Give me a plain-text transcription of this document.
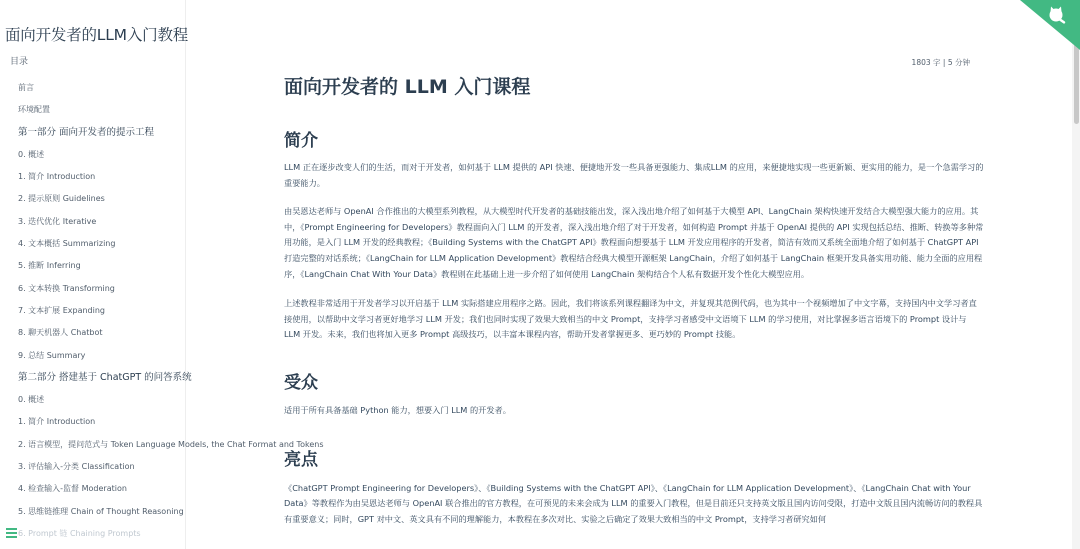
面向开发者的LLM入门教程
目录
前言
环境配置
第一部分 面向开发者的提示工程
0. 概述
1. 简介 Introduction
2. 提示原则 Guidelines
3. 迭代优化 Iterative
4. 文本概括 Summarizing
5. 推断 Inferring
6. 文本转换 Transforming
7. 文本扩展 Expanding
8. 聊天机器人 Chatbot
9. 总结 Summary
第二部分 搭建基于 ChatGPT 的问答系统
0. 概述
1. 简介 Introduction
2. 语言模型，提问范式与 Token Language Models, the Chat Format and Tokens
3. 评估输入-分类 Classification
4. 检查输入-监督 Moderation
5. 思维链推理 Chain of Thought Reasoning
6. Prompt 链 Chaining Prompts
1803 字 | 5 分钟
面向开发者的 LLM 入门课程
简介

LLM 正在逐步改变人们的生活，而对于开发者，如何基于 LLM 提供的 API 快速、便捷地开发一些具备更强能力、集成LLM 的应用，来便捷地实现一些更新颖、更实用的能力，是一个急需学习的重要能力。

由吴恩达老师与 OpenAI 合作推出的大模型系列教程，从大模型时代开发者的基础技能出发，深入浅出地介绍了如何基于大模型 API、LangChain 架构快速开发结合大模型强大能力的应用。其中，《Prompt Engineering for Developers》教程面向入门 LLM 的开发者，深入浅出地介绍了对于开发者，如何构造 Prompt 并基于 OpenAI 提供的 API 实现包括总结、推断、转换等多种常用功能，是入门 LLM 开发的经典教程；《Building Systems with the ChatGPT API》教程面向想要基于 LLM 开发应用程序的开发者，简洁有效而又系统全面地介绍了如何基于 ChatGPT API 打造完整的对话系统；《LangChain for LLM Application Development》教程结合经典大模型开源框架 LangChain，介绍了如何基于 LangChain 框架开发具备实用功能、能力全面的应用程序，《LangChain Chat With Your Data》教程则在此基础上进一步介绍了如何使用 LangChain 架构结合个人私有数据开发个性化大模型应用。

上述教程非常适用于开发者学习以开启基于 LLM 实际搭建应用程序之路。因此，我们将该系列课程翻译为中文，并复现其范例代码，也为其中一个视频增加了中文字幕，支持国内中文学习者直接使用，以帮助中文学习者更好地学习 LLM 开发；我们也同时实现了效果大致相当的中文 Prompt，支持学习者感受中文语境下 LLM 的学习使用，对比掌握多语言语境下的 Prompt 设计与 LLM 开发。未来，我们也将加入更多 Prompt 高级技巧，以丰富本课程内容，帮助开发者掌握更多、更巧妙的 Prompt 技能。

受众

适用于所有具备基础 Python 能力，想要入门 LLM 的开发者。

亮点

《ChatGPT Prompt Engineering for Developers》、《Building Systems with the ChatGPT API》、《LangChain for LLM Application Development》、《LangChain Chat with Your Data》等教程作为由吴恩达老师与 OpenAI 联合推出的官方教程，在可预见的未来会成为 LLM 的重要入门教程，但是目前还只支持英文版且国内访问受限，打造中文版且国内流畅访问的教程具有重要意义；同时，GPT 对中文、英文具有不同的理解能力，本教程在多次对比、实验之后确定了效果大致相当的中文 Prompt，支持学习者研究如何
